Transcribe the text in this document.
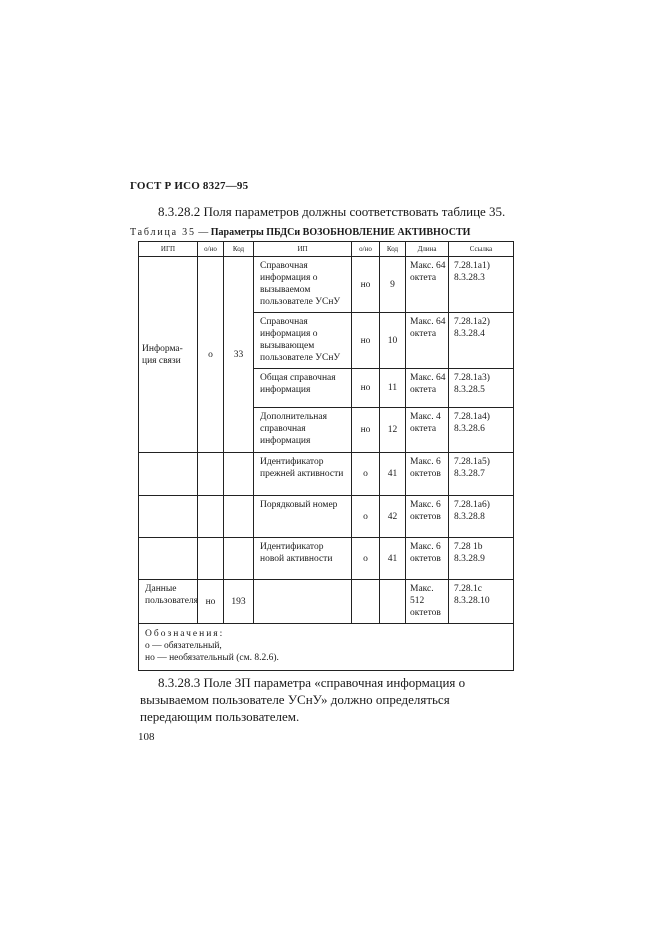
ГОСТ Р ИСО 8327—95
8.3.28.2 Поля параметров должны соответствовать таблице 35.
Таблица 35 — Параметры ПБДСи ВОЗОБНОВЛЕНИЕ АКТИВНОСТИ
ИГП	о/но	Код	ИП	о/но	Код	Длина	Ссылка
Информа-ция связи	о	33	Справочная информация о вызываемом пользователе УСнУ	но	9	Макс. 64 октета	7.28.1а1) 8.3.28.3
			Справочная информация о вызывающем пользователе УСнУ	но	10	Макс. 64 октета	7.28.1а2) 8.3.28.4
			Общая справочная информация	но	11	Макс. 64 октета	7.28.1а3) 8.3.28.5
			Дополнительная справочная информация	но	12	Макс. 4 октета	7.28.1а4) 8.3.28.6
			Идентификатор прежней активности	о	41	Макс. 6 октетов	7.28.1а5) 8.3.28.7
			Порядковый номер	о	42	Макс. 6 октетов	7.28.1а6) 8.3.28.8
			Идентификатор новой активности	о	41	Макс. 6 октетов	7.28 1b 8.3.28.9
Данные пользователя	но	193				Макс. 512 октетов	7.28.1с 8.3.28.10

Обозначения:
о — обязательный,
но — необязательный (см. 8.2.6).							
8.3.28.3 Поле ЗП параметра «справочная информация о вызываемом пользователе УСнУ» должно определяться передающим пользователем.
108
